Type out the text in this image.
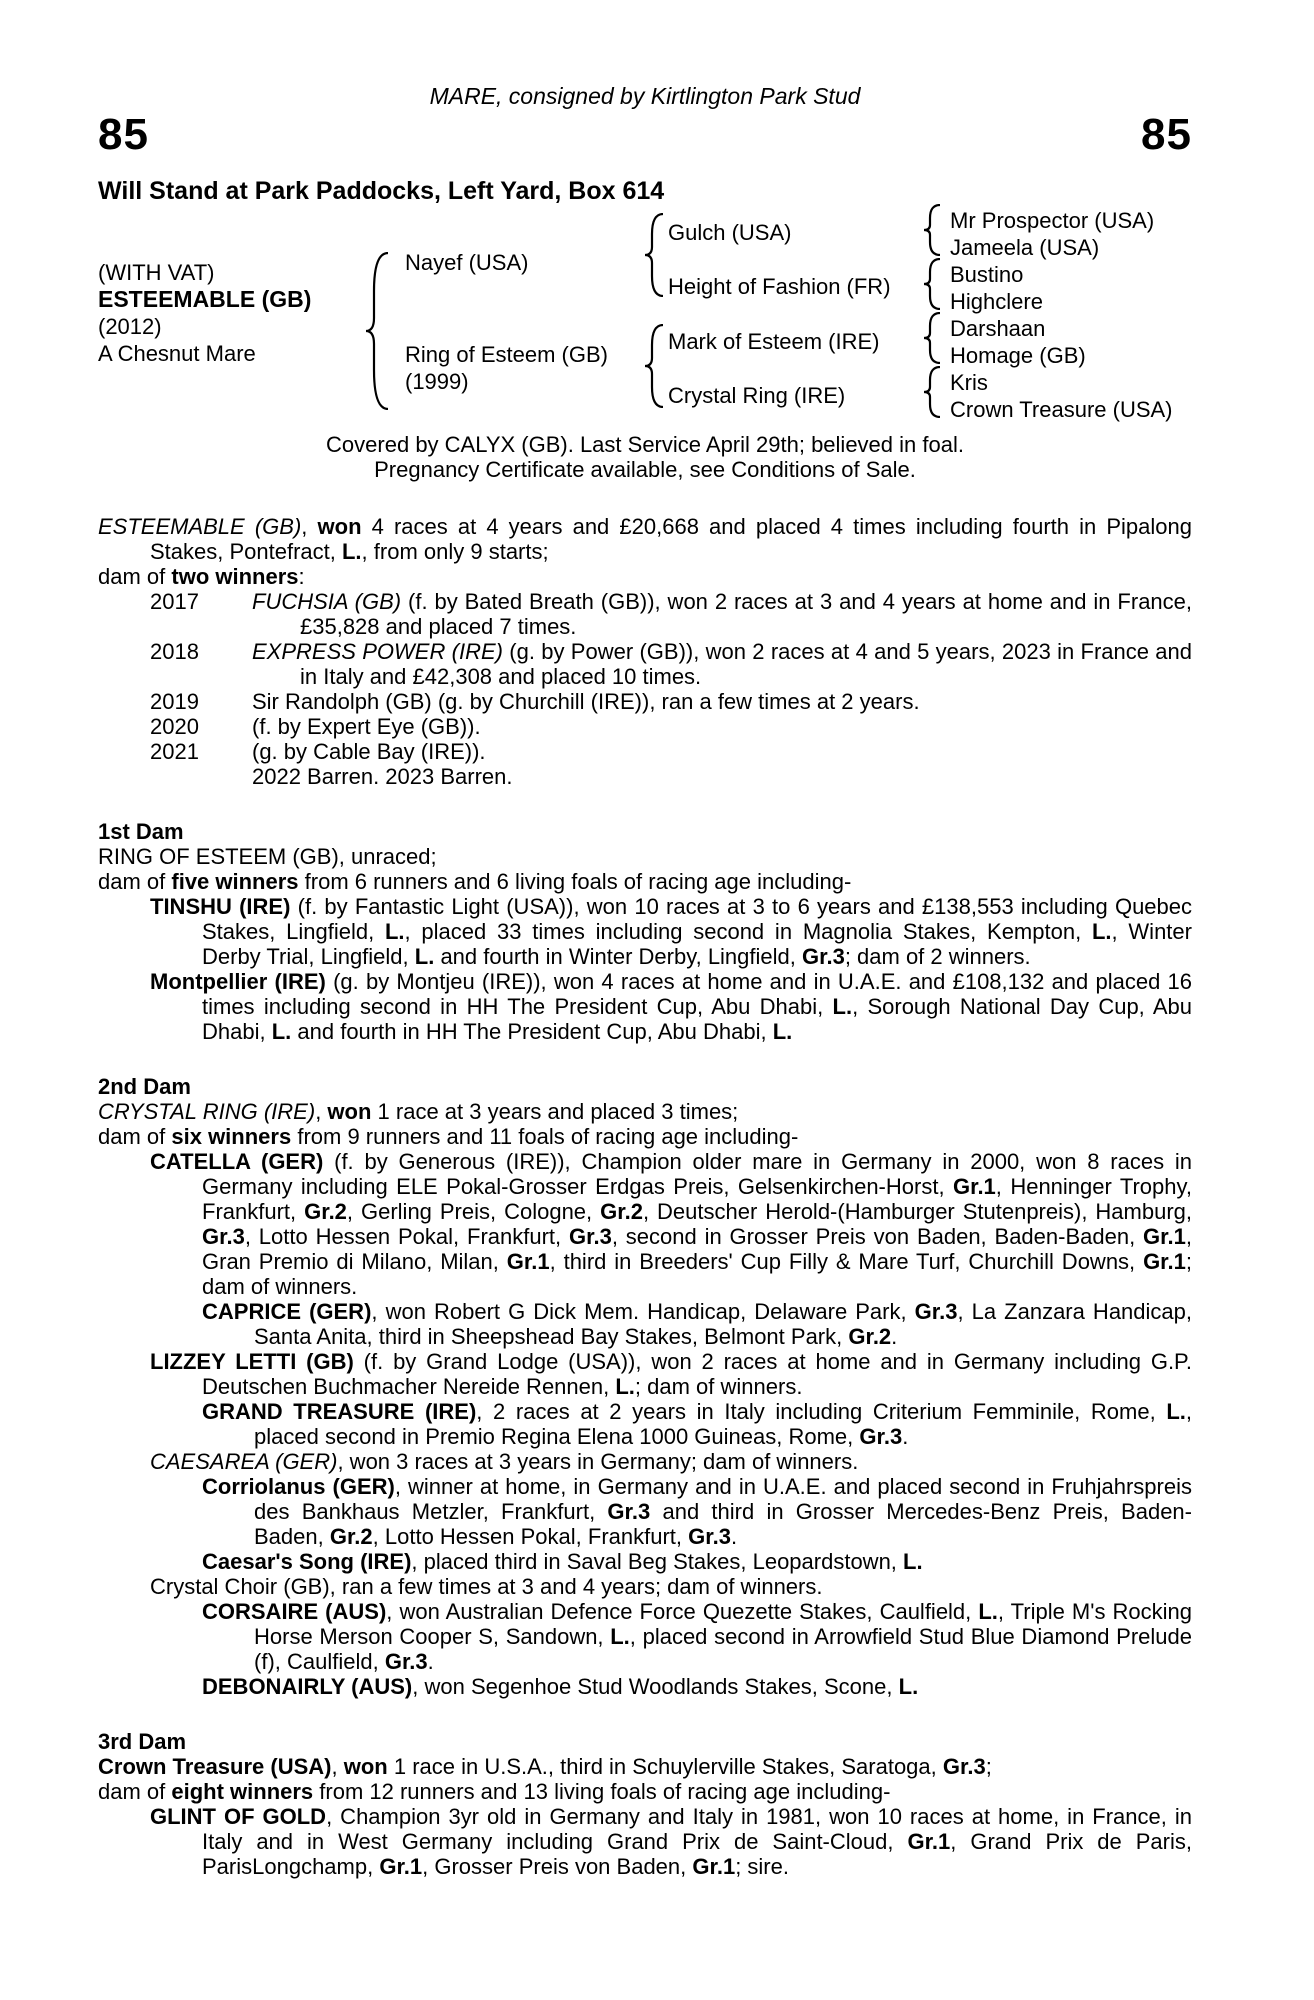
MARE, consigned by Kirtlington Park Stud
85	85
Will Stand at Park Paddocks, Left Yard, Box 614
(WITH VAT)
ESTEEMABLE (GB)
(2012)
A Chesnut Mare
Nayef (USA)
Ring of Esteem (GB)
(1999)
Gulch (USA)
Height of Fashion (FR)
Mark of Esteem (IRE)
Crystal Ring (IRE)
Mr Prospector (USA)
Jameela (USA)
Bustino
Highclere
Darshaan
Homage (GB)
Kris
Crown Treasure (USA)
Covered by CALYX (GB). Last Service April 29th; believed in foal.
Pregnancy Certificate available, see Conditions of Sale.
ESTEEMABLE (GB), won 4 races at 4 years and £20,668 and placed 4 times including fourth in Pipalong Stakes, Pontefract, L., from only 9 starts;
dam of two winners:
2017 FUCHSIA (GB) (f. by Bated Breath (GB)), won 2 races at 3 and 4 years at home and in France, £35,828 and placed 7 times.
2018 EXPRESS POWER (IRE) (g. by Power (GB)), won 2 races at 4 and 5 years, 2023 in France and in Italy and £42,308 and placed 10 times.
2019 Sir Randolph (GB) (g. by Churchill (IRE)), ran a few times at 2 years.
2020 (f. by Expert Eye (GB)).
2021 (g. by Cable Bay (IRE)).
2022 Barren. 2023 Barren.
1st Dam
RING OF ESTEEM (GB), unraced;
dam of five winners from 6 runners and 6 living foals of racing age including-
TINSHU (IRE) (f. by Fantastic Light (USA)), won 10 races at 3 to 6 years and £138,553 including Quebec Stakes, Lingfield, L., placed 33 times including second in Magnolia Stakes, Kempton, L., Winter Derby Trial, Lingfield, L. and fourth in Winter Derby, Lingfield, Gr.3; dam of 2 winners.
Montpellier (IRE) (g. by Montjeu (IRE)), won 4 races at home and in U.A.E. and £108,132 and placed 16 times including second in HH The President Cup, Abu Dhabi, L., Sorough National Day Cup, Abu Dhabi, L. and fourth in HH The President Cup, Abu Dhabi, L.
2nd Dam
CRYSTAL RING (IRE), won 1 race at 3 years and placed 3 times;
dam of six winners from 9 runners and 11 foals of racing age including-
CATELLA (GER) (f. by Generous (IRE)), Champion older mare in Germany in 2000, won 8 races in Germany including ELE Pokal-Grosser Erdgas Preis, Gelsenkirchen-Horst, Gr.1, Henninger Trophy, Frankfurt, Gr.2, Gerling Preis, Cologne, Gr.2, Deutscher Herold-(Hamburger Stutenpreis), Hamburg, Gr.3, Lotto Hessen Pokal, Frankfurt, Gr.3, second in Grosser Preis von Baden, Baden-Baden, Gr.1, Gran Premio di Milano, Milan, Gr.1, third in Breeders' Cup Filly & Mare Turf, Churchill Downs, Gr.1; dam of winners.
CAPRICE (GER), won Robert G Dick Mem. Handicap, Delaware Park, Gr.3, La Zanzara Handicap, Santa Anita, third in Sheepshead Bay Stakes, Belmont Park, Gr.2.
LIZZEY LETTI (GB) (f. by Grand Lodge (USA)), won 2 races at home and in Germany including G.P. Deutschen Buchmacher Nereide Rennen, L.; dam of winners.
GRAND TREASURE (IRE), 2 races at 2 years in Italy including Criterium Femminile, Rome, L., placed second in Premio Regina Elena 1000 Guineas, Rome, Gr.3.
CAESAREA (GER), won 3 races at 3 years in Germany; dam of winners.
Corriolanus (GER), winner at home, in Germany and in U.A.E. and placed second in Fruhjahrspreis des Bankhaus Metzler, Frankfurt, Gr.3 and third in Grosser Mercedes-Benz Preis, Baden-Baden, Gr.2, Lotto Hessen Pokal, Frankfurt, Gr.3.
Caesar's Song (IRE), placed third in Saval Beg Stakes, Leopardstown, L.
Crystal Choir (GB), ran a few times at 3 and 4 years; dam of winners.
CORSAIRE (AUS), won Australian Defence Force Quezette Stakes, Caulfield, L., Triple M's Rocking Horse Merson Cooper S, Sandown, L., placed second in Arrowfield Stud Blue Diamond Prelude (f), Caulfield, Gr.3.
DEBONAIRLY (AUS), won Segenhoe Stud Woodlands Stakes, Scone, L.
3rd Dam
Crown Treasure (USA), won 1 race in U.S.A., third in Schuylerville Stakes, Saratoga, Gr.3;
dam of eight winners from 12 runners and 13 living foals of racing age including-
GLINT OF GOLD, Champion 3yr old in Germany and Italy in 1981, won 10 races at home, in France, in Italy and in West Germany including Grand Prix de Saint-Cloud, Gr.1, Grand Prix de Paris, ParisLongchamp, Gr.1, Grosser Preis von Baden, Gr.1; sire.
